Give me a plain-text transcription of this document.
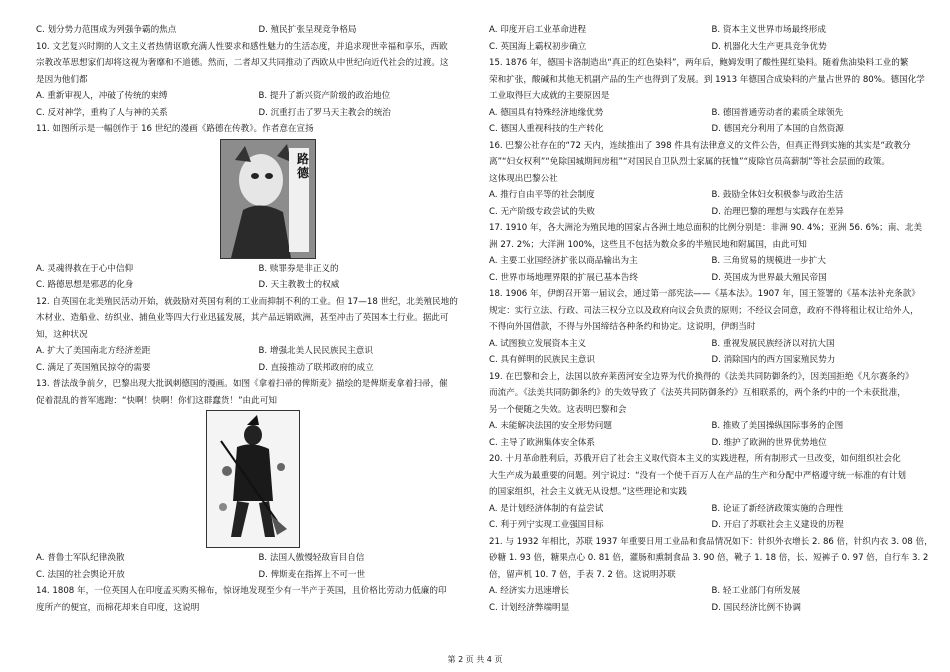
C. 划分势力范围成为列强争霸的焦点	D. 殖民扩张呈现竞争格局

10. 文艺复兴时期的人文主义者热情讴歌充满人性要求和感性魅力的生活态度，并追求现世幸福和享乐，西欧

宗教改革思想家们却将这视为奢靡和不道德。然而，二者却又共同推动了西欧从中世纪向近代社会的过渡。这

是因为他们都

A. 重新审视人，冲破了传统的束缚	B. 提升了新兴资产阶级的政治地位
C. 反对神学，重构了人与神的关系	D. 沉重打击了罗马天主教会的统治

11. 如图所示是一幅创作于 16 世纪的漫画《路德在传教》。作者意在宣扬

路德
A. 灵魂得救在于心中信仰	B. 赎罪券是非正义的
C. 路德思想是邪恶的化身	D. 天主教教士的权威

12. 自英国在北美殖民活动开始，就鼓励对英国有利的工业而抑制不利的工业。但 17—18 世纪，北美殖民地的

木材业、造船业、纺织业、捕鱼业等四大行业迅猛发展，其产品远销欧洲，甚至冲击了英国本土行业。据此可

知，这种状况

A. 扩大了美国南北方经济差距	B. 增强北美人民民族民主意识
C. 满足了英国殖民掠夺的需要	D. 直接推动了联邦政府的成立

13. 普法战争前夕，巴黎出现大批讽刺德国的漫画。如图《拿着扫帚的俾斯麦》描绘的是俾斯麦拿着扫帚，催

促着混乱的普军逃跑：“快啊！快啊！你们这群蠢货！”由此可知

A. 普鲁士军队纪律涣散	B. 法国人傲慢轻敌盲目自信
C. 法国的社会舆论开放	D. 俾斯麦在指挥上不可一世

14. 1808 年，一位英国人在印度孟买购买棉布，惊讶地发现至少有一半产于英国，且价格比劳动力低廉的印

度所产的便宜，而棉花却来自印度，这说明

A. 印度开启工业革命进程	B. 资本主义世界市场最终形成
C. 英国海上霸权初步确立	D. 机器化大生产更具竞争优势

15. 1876 年，德国卡洛制造出“真正的红色染料”，两年后，鲍姆发明了酸性猩红染料。随着焦油染料工业的繁

荣和扩张，酸碱和其他无机副产品的生产也得到了发展。到 1913 年德国合成染料的产量占世界的 80%。德国化学

工业取得巨大成就的主要原因是

A. 德国具有特殊经济地缘优势	B. 德国普通劳动者的素质全球领先
C. 德国人重视科技的生产转化	D. 德国充分利用了本国的自然资源

16. 巴黎公社存在的“72 天内，连续推出了 398 件具有法律意义的文件公告，但真正得到实施的其实是“政教分

离”“妇女权利”“免除国城期间房租”“对国民自卫队烈士家属的抚恤”“废除官员高薪制”等社会层面的政策。

这体现出巴黎公社

A. 推行自由平等的社会制度	B. 鼓励全体妇女积极参与政治生活
C. 无产阶级专政尝试的失败	D. 治理巴黎的理想与实践存在差异

17. 1910 年，各大洲沦为殖民地的国家占各洲土地总面积的比例分别是：非洲 90. 4%；亚洲 56. 6%；南、北美

洲 27. 2%；大洋洲 100%，这些且不包括为数众多的半殖民地和附属国，由此可知

A. 主要工业国经济扩张以商品输出为主	B. 三角贸易的规模进一步扩大
C. 世界市场地理界限的扩展已基本告终	D. 英国成为世界最大殖民帝国

18. 1906 年，伊朗召开第一届议会，通过第一部宪法——《基本法》。1907 年，国王签署的《基本法补充条款》

规定：实行立法、行政、司法三权分立以及政府向议会负责的原则；不经议会同意，政府不得将租让权让给外人，

不得向外国借款，不得与外国缔结各种条约和协定。这说明，伊朗当时

A. 试图独立发展资本主义	B. 重视发展民族经济以对抗大国
C. 具有鲜明的民族民主意识	D. 消除国内的西方国家殖民势力

19. 在巴黎和会上，法国以放弃莱茵河安全边界为代价换得的《法美共同防御条约》，因美国拒绝《凡尔赛条约》

而流产。《法美共同防御条约》的失效导致了《法英共同防御条约》互相联系的，两个条约中的一个未获批准，

另一个便随之失效。这表明巴黎和会

A. 未能解决法国的安全形势问题	B. 推败了美国操纵国际事务的企图
C. 主导了欧洲集体安全体系	D. 维护了欧洲的世界优势地位

20. 十月革命胜利后，苏俄开启了社会主义取代资本主义的实践进程，所有制形式一旦改变，如何组织社会化

大生产成为最重要的问题。列宁说过：“没有一个使千百万人在产品的生产和分配中严格遵守统一标准的有计划

的国家组织，社会主义就无从设想。”这些理论和实践

A. 是计划经济体制的有益尝试	B. 论证了新经济政策实施的合理性
C. 利于列宁实现工业强国目标	D. 开启了苏联社会主义建设的历程

21. 与 1932 年相比，苏联 1937 年重要日用工业品和食品情况如下：针织外衣增长 2. 86 倍，针织内衣 3. 08 倍，

砂糖 1. 93 倍，糖果点心 0. 81 倍，灌肠和熏制食品 3. 90 倍，靴子 1. 18 倍，长、短裤子 0. 97 倍，自行车 3. 2

倍，留声机 10. 7 倍，手表 7. 2 倍。这说明苏联

A. 经济实力迅速增长	B. 轻工业部门有所发展
C. 计划经济弊端明显	D. 国民经济比例不协调
第 2 页 共 4 页
